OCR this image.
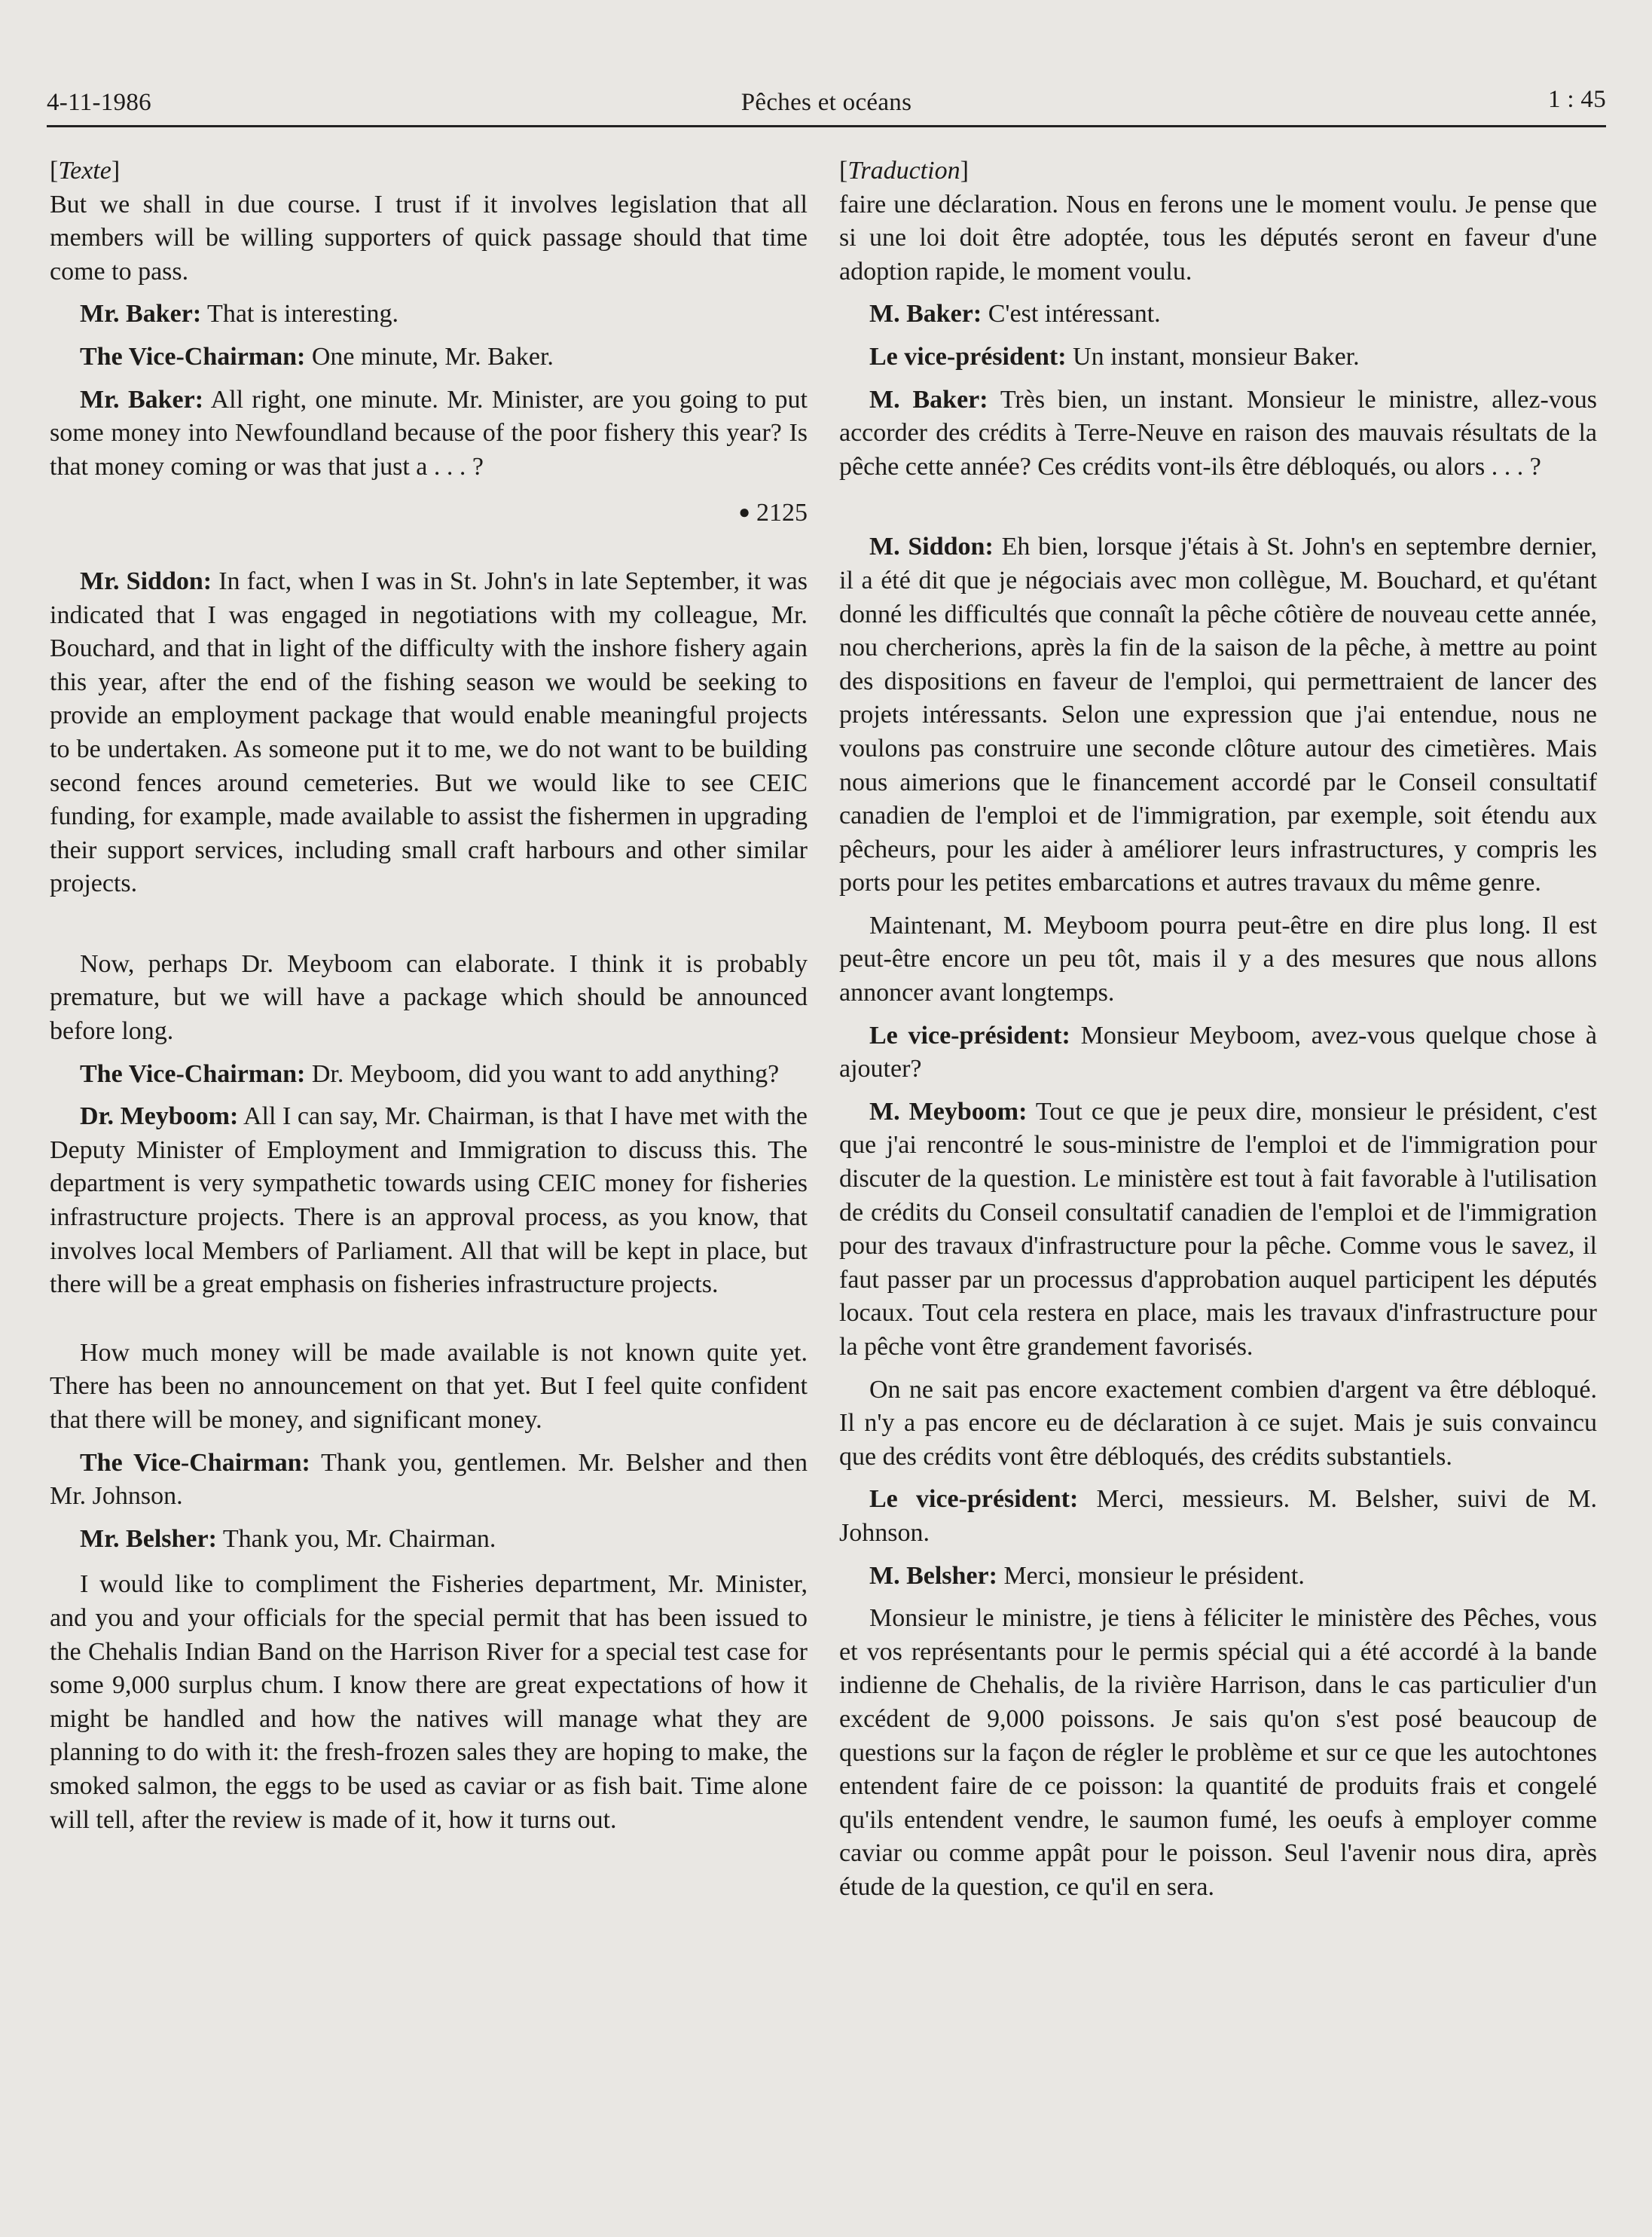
4-11-1986	Pêches et océans	1 : 45

[Texte]

But we shall in due course. I trust if it involves legislation that all members will be willing supporters of quick passage should that time come to pass.

Mr. Baker: That is interesting.

The Vice-Chairman: One minute, Mr. Baker.

Mr. Baker: All right, one minute. Mr. Minister, are you going to put some money into Newfoundland because of the poor fishery this year? Is that money coming or was that just a . . . ?

● 2125

Mr. Siddon: In fact, when I was in St. John's in late September, it was indicated that I was engaged in negotiations with my colleague, Mr. Bouchard, and that in light of the difficulty with the inshore fishery again this year, after the end of the fishing season we would be seeking to provide an employment package that would enable meaningful projects to be undertaken. As someone put it to me, we do not want to be building second fences around cemeteries. But we would like to see CEIC funding, for example, made available to assist the fishermen in upgrading their support services, including small craft harbours and other similar projects.

Now, perhaps Dr. Meyboom can elaborate. I think it is probably premature, but we will have a package which should be announced before long.

The Vice-Chairman: Dr. Meyboom, did you want to add anything?

Dr. Meyboom: All I can say, Mr. Chairman, is that I have met with the Deputy Minister of Employment and Immigration to discuss this. The department is very sympathetic towards using CEIC money for fisheries infrastructure projects. There is an approval process, as you know, that involves local Members of Parliament. All that will be kept in place, but there will be a great emphasis on fisheries infrastructure projects.

How much money will be made available is not known quite yet. There has been no announcement on that yet. But I feel quite confident that there will be money, and significant money.

The Vice-Chairman: Thank you, gentlemen. Mr. Belsher and then Mr. Johnson.

Mr. Belsher: Thank you, Mr. Chairman.

I would like to compliment the Fisheries department, Mr. Minister, and you and your officials for the special permit that has been issued to the Chehalis Indian Band on the Harrison River for a special test case for some 9,000 surplus chum. I know there are great expectations of how it might be handled and how the natives will manage what they are planning to do with it: the fresh-frozen sales they are hoping to make, the smoked salmon, the eggs to be used as caviar or as fish bait. Time alone will tell, after the review is made of it, how it turns out.

[Traduction]

faire une déclaration. Nous en ferons une le moment voulu. Je pense que si une loi doit être adoptée, tous les députés seront en faveur d'une adoption rapide, le moment voulu.

M. Baker: C'est intéressant.

Le vice-président: Un instant, monsieur Baker.

M. Baker: Très bien, un instant. Monsieur le ministre, allez-vous accorder des crédits à Terre-Neuve en raison des mauvais résultats de la pêche cette année? Ces crédits vont-ils être débloqués, ou alors . . . ?

M. Siddon: Eh bien, lorsque j'étais à St. John's en septembre dernier, il a été dit que je négociais avec mon collègue, M. Bouchard, et qu'étant donné les difficultés que connaît la pêche côtière de nouveau cette année, nou chercherions, après la fin de la saison de la pêche, à mettre au point des dispositions en faveur de l'emploi, qui permettraient de lancer des projets intéressants. Selon une expression que j'ai entendue, nous ne voulons pas construire une seconde clôture autour des cimetières. Mais nous aimerions que le financement accordé par le Conseil consultatif canadien de l'emploi et de l'immigration, par exemple, soit étendu aux pêcheurs, pour les aider à améliorer leurs infrastructures, y compris les ports pour les petites embarcations et autres travaux du même genre.

Maintenant, M. Meyboom pourra peut-être en dire plus long. Il est peut-être encore un peu tôt, mais il y a des mesures que nous allons annoncer avant longtemps.

Le vice-président: Monsieur Meyboom, avez-vous quelque chose à ajouter?

M. Meyboom: Tout ce que je peux dire, monsieur le président, c'est que j'ai rencontré le sous-ministre de l'emploi et de l'immigration pour discuter de la question. Le ministère est tout à fait favorable à l'utilisation de crédits du Conseil consultatif canadien de l'emploi et de l'immigration pour des travaux d'infrastructure pour la pêche. Comme vous le savez, il faut passer par un processus d'approbation auquel participent les députés locaux. Tout cela restera en place, mais les travaux d'infrastructure pour la pêche vont être grandement favorisés.

On ne sait pas encore exactement combien d'argent va être débloqué. Il n'y a pas encore eu de déclaration à ce sujet. Mais je suis convaincu que des crédits vont être débloqués, des crédits substantiels.

Le vice-président: Merci, messieurs. M. Belsher, suivi de M. Johnson.

M. Belsher: Merci, monsieur le président.

Monsieur le ministre, je tiens à féliciter le ministère des Pêches, vous et vos représentants pour le permis spécial qui a été accordé à la bande indienne de Chehalis, de la rivière Harrison, dans le cas particulier d'un excédent de 9,000 poissons. Je sais qu'on s'est posé beaucoup de questions sur la façon de régler le problème et sur ce que les autochtones entendent faire de ce poisson: la quantité de produits frais et congelé qu'ils entendent vendre, le saumon fumé, les oeufs à employer comme caviar ou comme appât pour le poisson. Seul l'avenir nous dira, après étude de la question, ce qu'il en sera.
